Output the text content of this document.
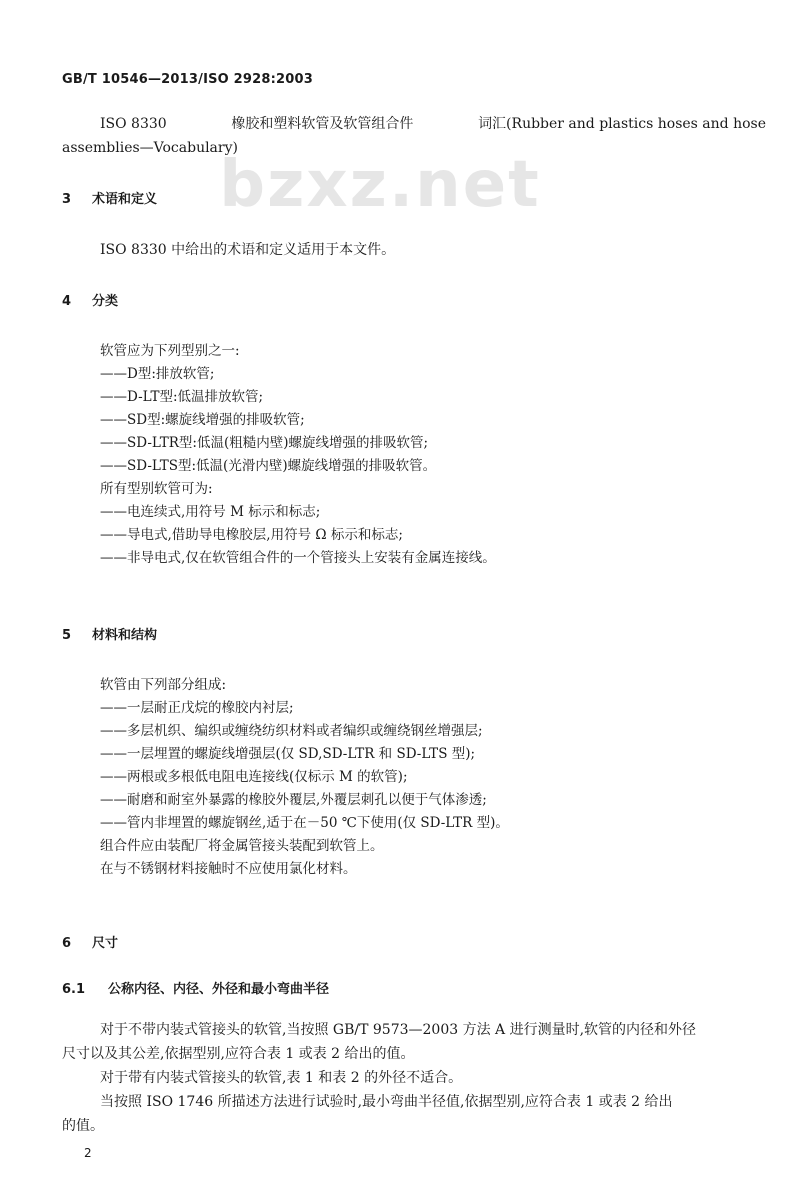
GB/T 10546—2013/ISO 2928:2003
bzxz.net
ISO 8330	橡胶和塑料软管及软管组合件	词汇(Rubber and plastics hoses and hose
assemblies—Vocabulary)
3 术语和定义
ISO 8330 中给出的术语和定义适用于本文件。
4 分类
软管应为下列型别之一:
——D型:排放软管;
——D-LT型:低温排放软管;
——SD型:螺旋线增强的排吸软管;
——SD-LTR型:低温(粗糙内壁)螺旋线增强的排吸软管;
——SD-LTS型:低温(光滑内壁)螺旋线增强的排吸软管。
所有型别软管可为:
——电连续式,用符号 M 标示和标志;
——导电式,借助导电橡胶层,用符号 Ω 标示和标志;
——非导电式,仅在软管组合件的一个管接头上安装有金属连接线。
5 材料和结构
软管由下列部分组成:
——一层耐正戊烷的橡胶内衬层;
——多层机织、编织或缠绕纺织材料或者编织或缠绕钢丝增强层;
——一层埋置的螺旋线增强层(仅 SD,SD-LTR 和 SD-LTS 型);
——两根或多根低电阻电连接线(仅标示 M 的软管);
——耐磨和耐室外暴露的橡胶外覆层,外覆层刺孔以便于气体渗透;
——管内非埋置的螺旋钢丝,适于在－50 ℃下使用(仅 SD-LTR 型)。
组合件应由装配厂将金属管接头装配到软管上。
在与不锈钢材料接触时不应使用氯化材料。
6 尺寸
6.1 公称内径、内径、外径和最小弯曲半径
对于不带内装式管接头的软管,当按照 GB/T 9573—2003 方法 A 进行测量时,软管的内径和外径
尺寸以及其公差,依据型别,应符合表 1 或表 2 给出的值。
对于带有内装式管接头的软管,表 1 和表 2 的外径不适合。
当按照 ISO 1746 所描述方法进行试验时,最小弯曲半径值,依据型别,应符合表 1 或表 2 给出
的值。
2
